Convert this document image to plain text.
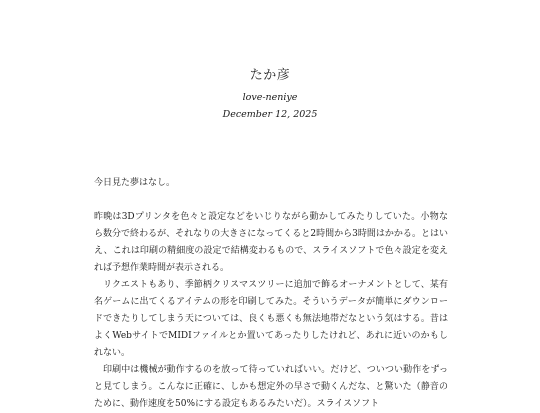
たか彦
love-neniye
December 12, 2025

今日見た夢はなし。

昨晩は3Dプリンタを色々と設定などをいじりながら動かしてみたりしていた。小物なら数分で終わるが、それなりの大きさになってくると2時間から3時間はかかる。とはいえ、これは印刷の精細度の設定で結構変わるもので、スライスソフトで色々設定を変えれば予想作業時間が表示される。

リクエストもあり、季節柄クリスマスツリーに追加で飾るオーナメントとして、某有名ゲームに出てくるアイテムの形を印刷してみた。そういうデータが簡単にダウンロードできたりしてしまう天については、良くも悪くも無法地帯だなという気はする。昔はよくWebサイトでMIDIファイルとか置いてあったりしたけれど、あれに近いのかもしれない。

印刷中は機械が動作するのを放って待っていればいい。だけど、ついつい動作をずっと見てしまう。こんなに正確に、しかも想定外の早さで動くんだな、と驚いた（静音のために、動作速度を50%にする設定もあるみたいだ）。スライスソフト
